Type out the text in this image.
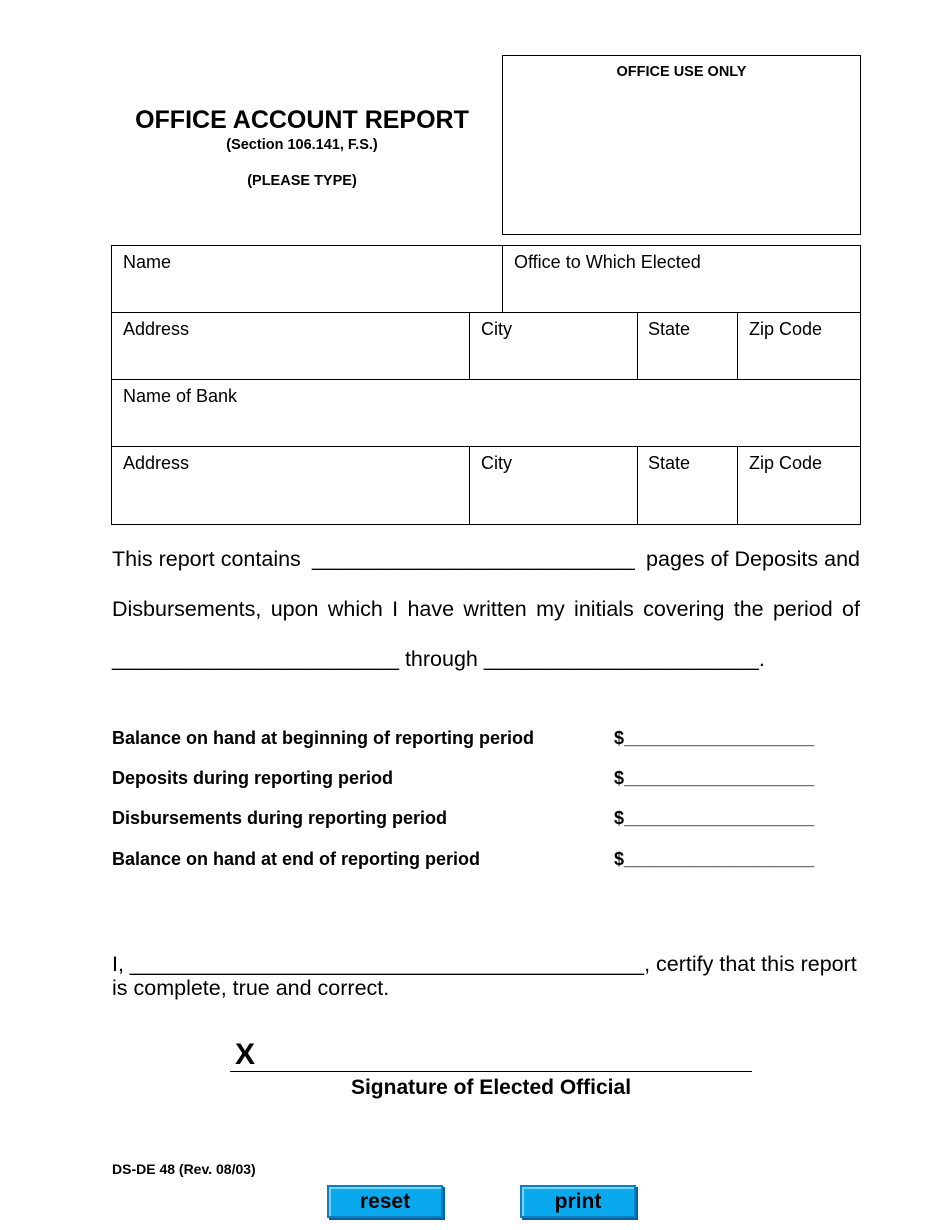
OFFICE ACCOUNT REPORT
(Section 106.141, F.S.)
(PLEASE TYPE)
OFFICE USE ONLY
Name	Office to Which Elected
Address	City	State	Zip Code
Name of Bank
Address	City	State	Zip Code
This report contains ___________________________ pages of Deposits and
Disbursements, upon which I have written my initials covering the period of
________________________ through _______________________.
Balance on hand at beginning of reporting period	$___________________
Deposits during reporting period	$___________________
Disbursements during reporting period	$___________________
Balance on hand at end of reporting period	$___________________
I, ___________________________________________, certify that this report
is complete, true and correct.
X
Signature of Elected Official
DS-DE 48 (Rev. 08/03)
reset	print
